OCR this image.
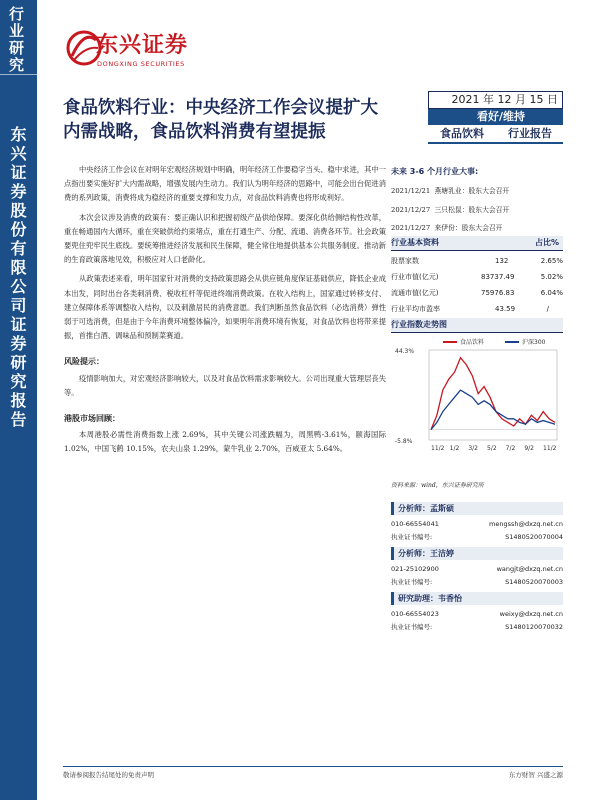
行业研究
东兴证券股份有限公司证券研究报告
东兴证券
DONGXING SECURITIES
食品饮料行业：中央经济工作会议提扩大内需战略，食品饮料消费有望提振
2021 年 12 月 15 日
看好/维持
食品饮料 行业报告

中央经济工作会议在对明年宏观经济规划中明确，明年经济工作要稳字当头、稳中求进，其中一点指出要实施好扩大内需战略，增强发展内生动力。我们认为明年经济的思路中，可能会出台促进消费的系列政策，消费将成为稳经济的重要支撑和发力点，对食品饮料消费也将形成利好。

本次会议涉及消费的政策有：要正确认识和把握初级产品供给保障。要深化供给侧结构性改革，重在畅通国内大循环，重在突破供给约束堵点，重在打通生产、分配、流通、消费各环节。社会政策要兜住兜牢民生底线。要统筹推进经济发展和民生保障，健全常住地提供基本公共服务制度。推动新的生育政策落地见效，积极应对人口老龄化。

从政策表述来看，明年国家针对消费的支持政策思路会从供应链角度保证基础供应，降低企业成本出发，同时出台各类刺消费、税收杠杆等促进终端消费政策。在收入结构上，国家通过转移支付、建立保障体系等调整收入结构，以及刺激居民的消费意愿。我们判断虽然食品饮料（必选消费）弹性弱于可选消费，但是由于今年消费环境整体偏冷，如果明年消费环境有恢复，对食品饮料也将带来提振，首推白酒、调味品和预制菜赛道。

风险提示：

疫情影响加大，对宏观经济影响较大，以及对食品饮料需求影响较大。公司出现重大管理层丧失等。

港股市场回顾：

本周港股必需性消费指数上涨 2.69%，其中关键公司涨跌幅为，周黑鸭-3.61%，颐海国际 1.02%，中国飞鹤 10.15%，农夫山泉 1.29%，蒙牛乳业 2.70%，百威亚太 5.64%。

未来 3-6 个月行业大事:
2021/12/21 燕塘乳业：股东大会召开
2021/12/27 三只松鼠：股东大会召开
2021/12/27 来伊份：股东大会召开
行业基本资料	占比%
股票家数	132	2.65%
行业市值(亿元)	83737.49	5.02%
流通市值(亿元)	75976.83	6.04%
行业平均市盈率	43.59	/
行业指数走势图
44.3%
-5.8%
11/2 1/2 3/2 5/2 7/2 9/2 11/2
食品饮料	沪深300
资料来源：wind，东兴证券研究所
分析师：孟斯硕
010-66554041	mengssh@dxzq.net.cn
执业证书编号:	S1480520070004
分析师：王洁婷
021-25102900	wangjt@dxzq.net.cn
执业证书编号:	S1480520070003
研究助理：韦香怡
010-66554023	weixy@dxzq.net.cn
执业证书编号:	S1480120070032
敬请参阅报告结尾处的免责声明	东方财智 兴盛之源
